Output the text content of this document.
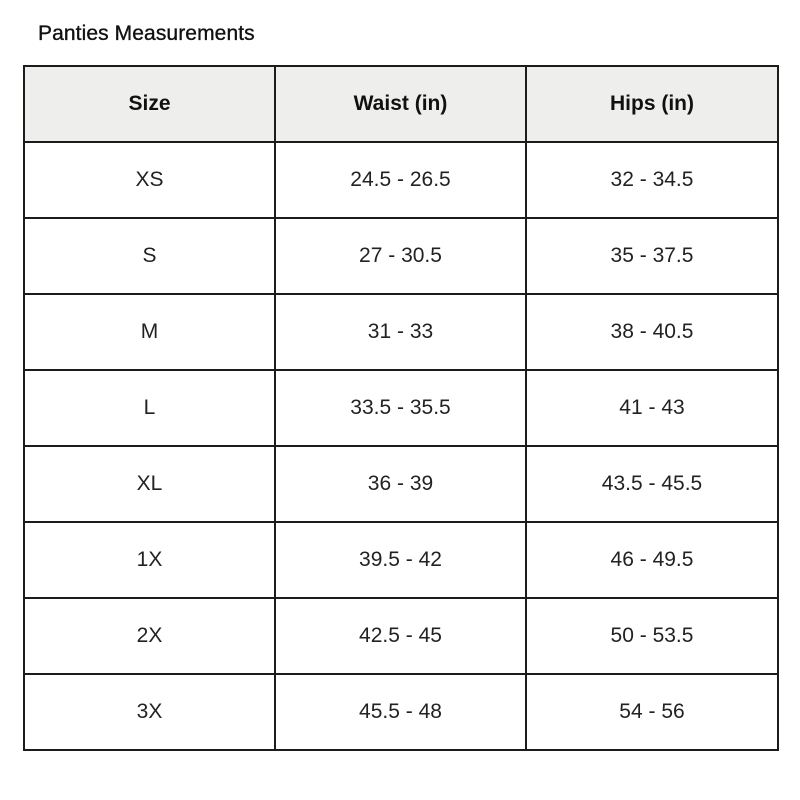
Panties Measurements
Size	Waist (in)	Hips (in)
XS	24.5 - 26.5	32 - 34.5
S	27 - 30.5	35 - 37.5
M	31 - 33	38 - 40.5
L	33.5 - 35.5	41 - 43
XL	36 - 39	43.5 - 45.5
1X	39.5 - 42	46 - 49.5
2X	42.5 - 45	50 - 53.5
3X	45.5 - 48	54 - 56
